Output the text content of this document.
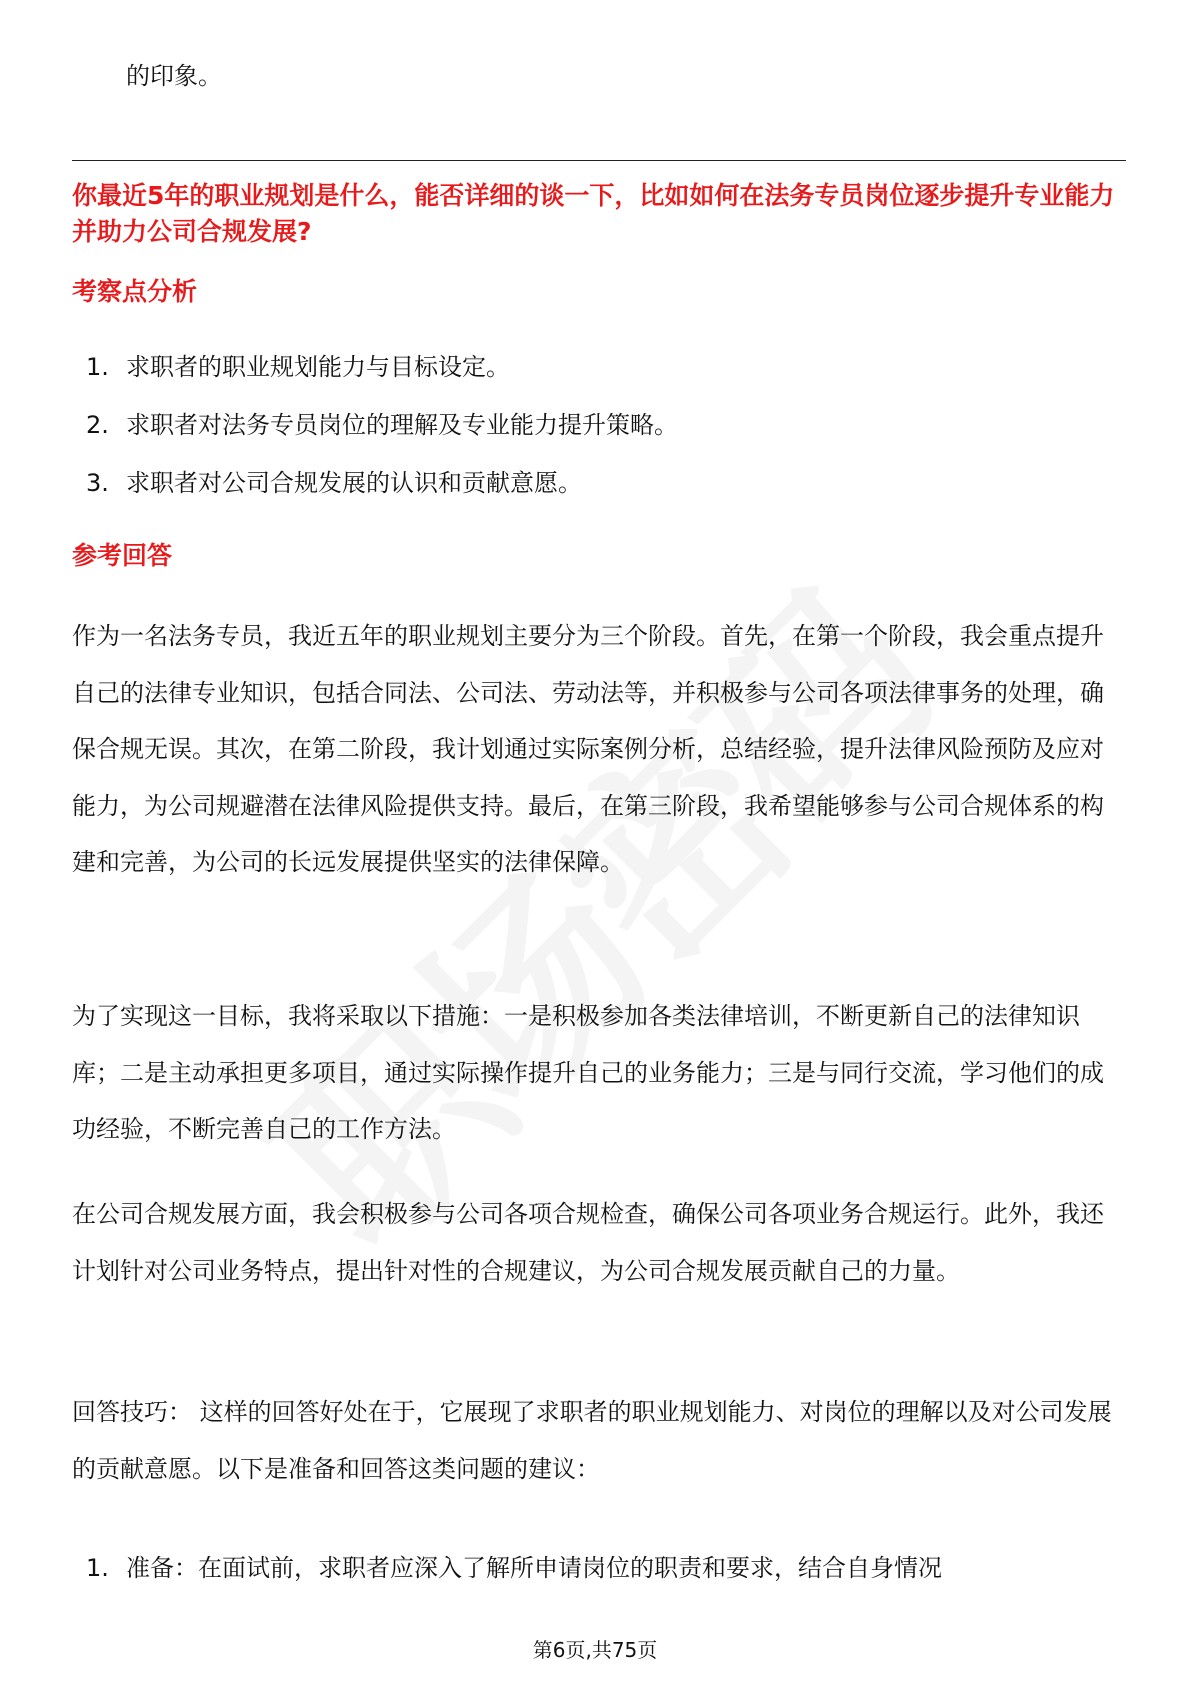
的印象。
你最近5年的职业规划是什么，能否详细的谈一下，比如如何在法务专员岗位逐步提升专业能力并助力公司合规发展?
考察点分析
1. 求职者的职业规划能力与目标设定。
2. 求职者对法务专员岗位的理解及专业能力提升策略。
3. 求职者对公司合规发展的认识和贡献意愿。
参考回答

作为一名法务专员，我近五年的职业规划主要分为三个阶段。首先，在第一个阶段，我会重点提升自己的法律专业知识，包括合同法、公司法、劳动法等，并积极参与公司各项法律事务的处理，确保合规无误。其次，在第二阶段，我计划通过实际案例分析，总结经验，提升法律风险预防及应对能力，为公司规避潜在法律风险提供支持。最后，在第三阶段，我希望能够参与公司合规体系的构建和完善，为公司的长远发展提供坚实的法律保障。

为了实现这一目标，我将采取以下措施：一是积极参加各类法律培训，不断更新自己的法律知识库；二是主动承担更多项目，通过实际操作提升自己的业务能力；三是与同行交流，学习他们的成功经验，不断完善自己的工作方法。

在公司合规发展方面，我会积极参与公司各项合规检查，确保公司各项业务合规运行。此外，我还计划针对公司业务特点，提出针对性的合规建议，为公司合规发展贡献自己的力量。

回答技巧： 这样的回答好处在于，它展现了求职者的职业规划能力、对岗位的理解以及对公司发展的贡献意愿。以下是准备和回答这类问题的建议：

1. 准备：在面试前，求职者应深入了解所申请岗位的职责和要求，结合自身情况
第6页,共75页
